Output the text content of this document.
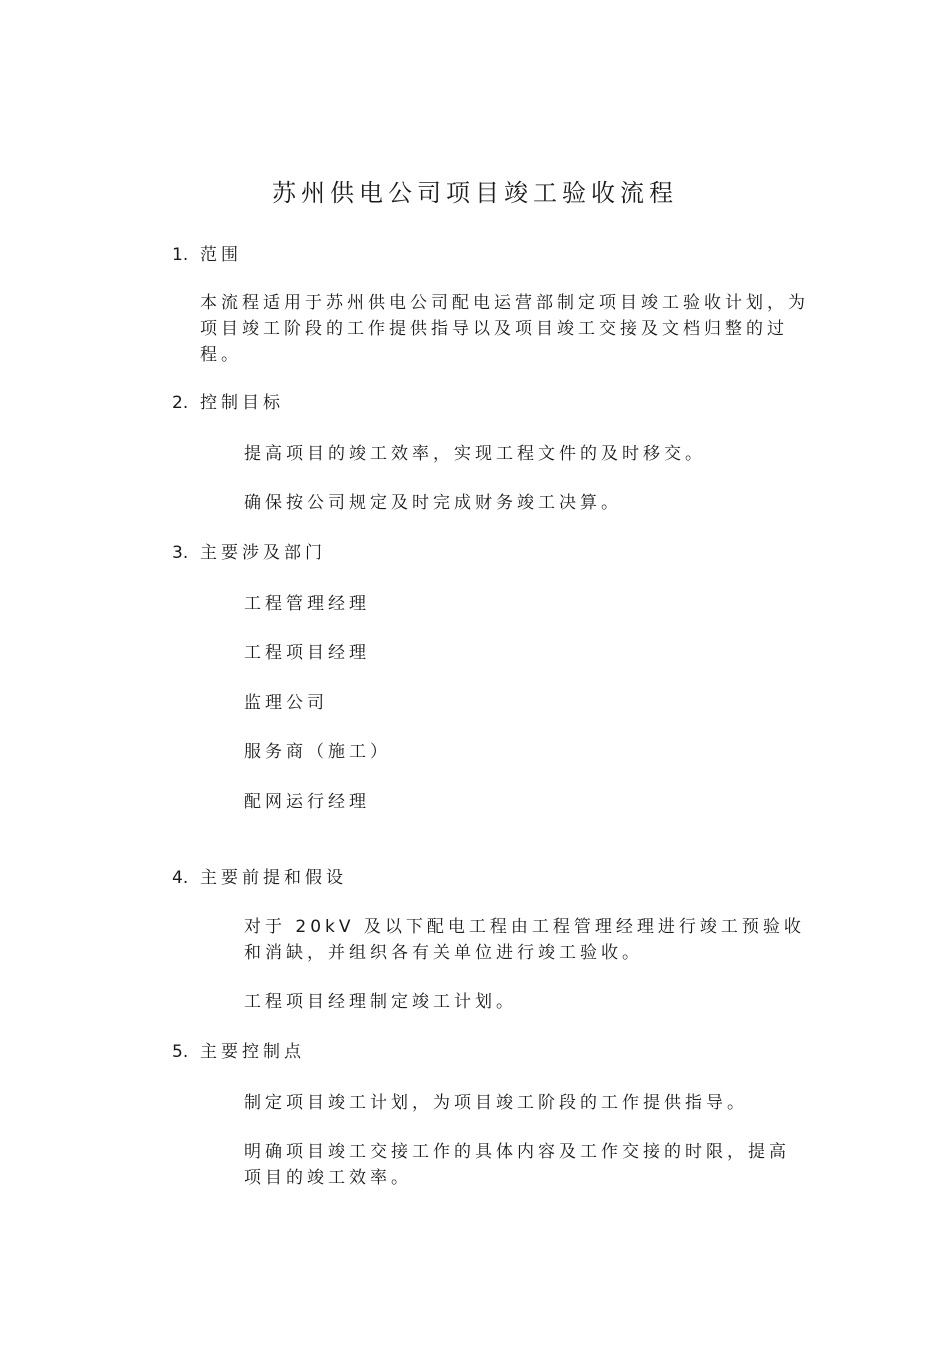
苏州供电公司项目竣工验收流程
1. 范围

本流程适用于苏州供电公司配电运营部制定项目竣工验收计划，为项目竣工阶段的工作提供指导以及项目竣工交接及文档归整的过程。

2. 控制目标

提高项目的竣工效率，实现工程文件的及时移交。

确保按公司规定及时完成财务竣工决算。

3. 主要涉及部门

工程管理经理

工程项目经理

监理公司

服务商（施工）

配网运行经理

4. 主要前提和假设

对于 20kV 及以下配电工程由工程管理经理进行竣工预验收和消缺，并组织各有关单位进行竣工验收。

工程项目经理制定竣工计划。

5. 主要控制点

制定项目竣工计划，为项目竣工阶段的工作提供指导。

明确项目竣工交接工作的具体内容及工作交接的时限，提高项目的竣工效率。
